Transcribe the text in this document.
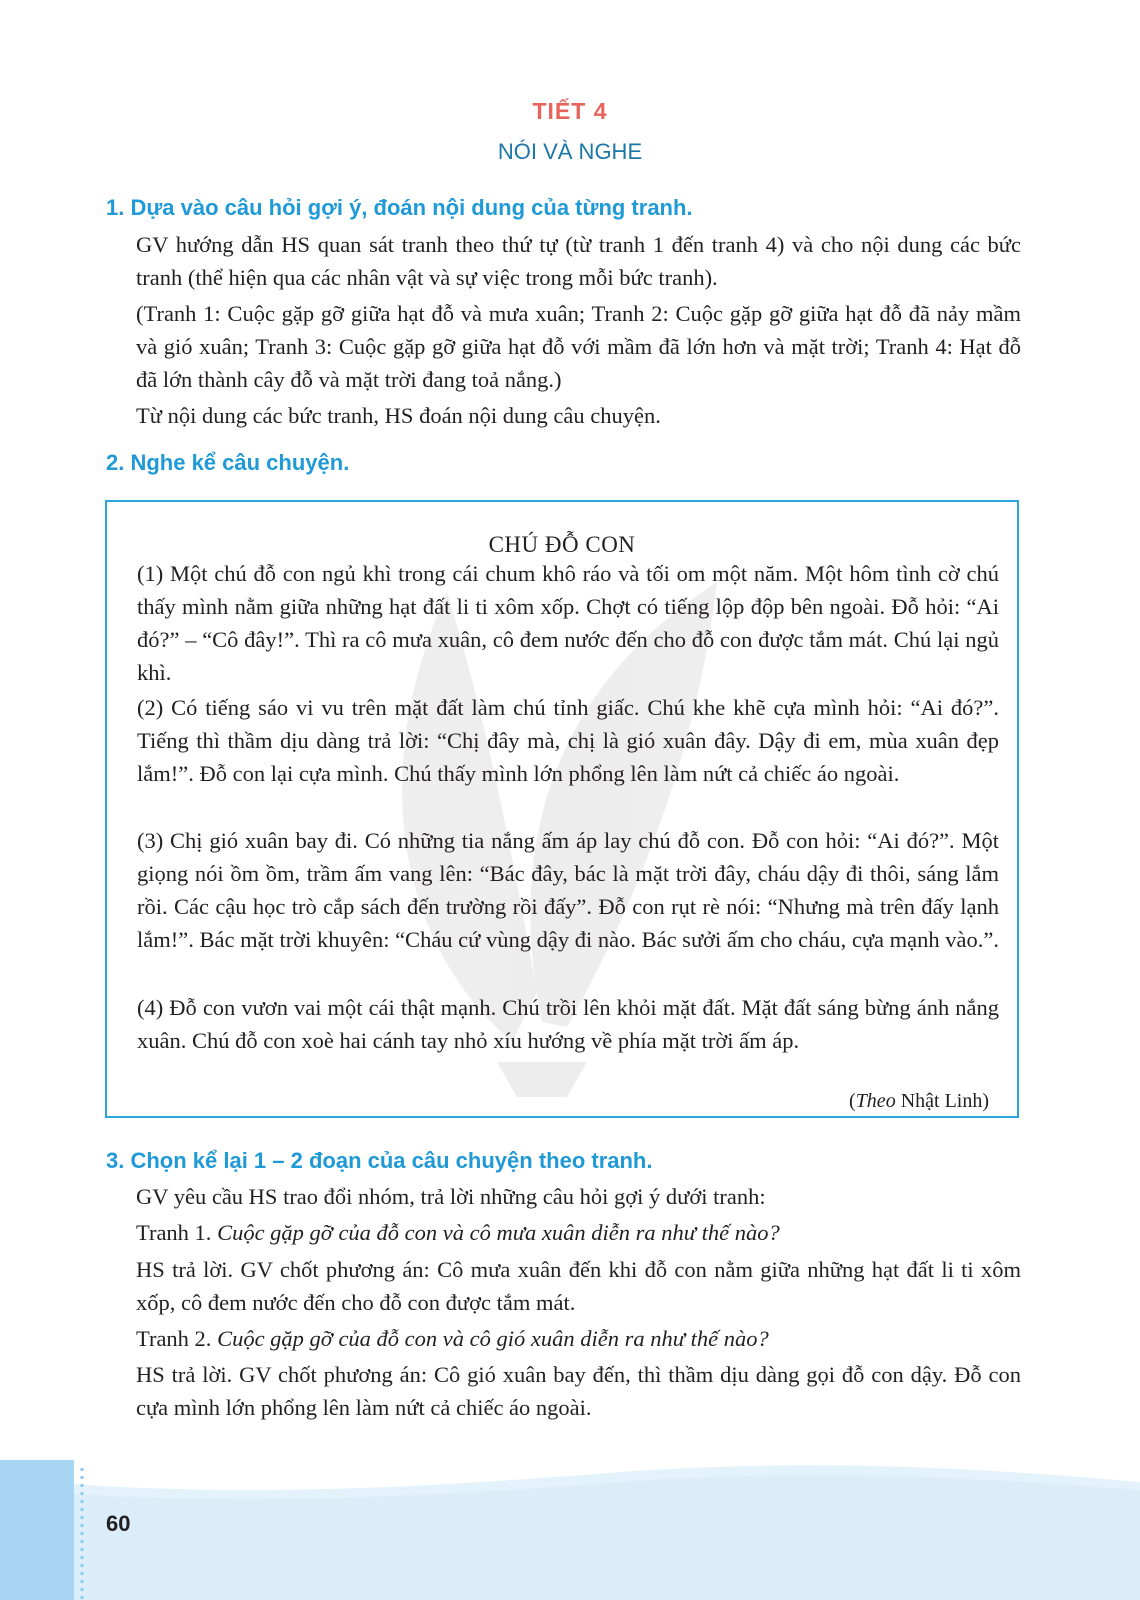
TIẾT 4
NÓI VÀ NGHE
1. Dựa vào câu hỏi gợi ý, đoán nội dung của từng tranh.
GV hướng dẫn HS quan sát tranh theo thứ tự (từ tranh 1 đến tranh 4) và cho nội dung các bức tranh (thể hiện qua các nhân vật và sự việc trong mỗi bức tranh).
(Tranh 1: Cuộc gặp gỡ giữa hạt đỗ và mưa xuân; Tranh 2: Cuộc gặp gỡ giữa hạt đỗ đã nảy mầm và gió xuân; Tranh 3: Cuộc gặp gỡ giữa hạt đỗ với mầm đã lớn hơn và mặt trời; Tranh 4: Hạt đỗ đã lớn thành cây đỗ và mặt trời đang toả nắng.)
Từ nội dung các bức tranh, HS đoán nội dung câu chuyện.
2. Nghe kể câu chuyện.
CHÚ ĐỖ CON
(1) Một chú đỗ con ngủ khì trong cái chum khô ráo và tối om một năm. Một hôm tình cờ chú thấy mình nằm giữa những hạt đất li ti xôm xốp. Chợt có tiếng lộp độp bên ngoài. Đỗ hỏi: “Ai đó?” – “Cô đây!”. Thì ra cô mưa xuân, cô đem nước đến cho đỗ con được tắm mát. Chú lại ngủ khì.
(2) Có tiếng sáo vi vu trên mặt đất làm chú tỉnh giấc. Chú khe khẽ cựa mình hỏi: “Ai đó?”. Tiếng thì thầm dịu dàng trả lời: “Chị đây mà, chị là gió xuân đây. Dậy đi em, mùa xuân đẹp lắm!”. Đỗ con lại cựa mình. Chú thấy mình lớn phổng lên làm nứt cả chiếc áo ngoài.
(3) Chị gió xuân bay đi. Có những tia nắng ấm áp lay chú đỗ con. Đỗ con hỏi: “Ai đó?”. Một giọng nói ồm ồm, trầm ấm vang lên: “Bác đây, bác là mặt trời đây, cháu dậy đi thôi, sáng lắm rồi. Các cậu học trò cắp sách đến trường rồi đấy”. Đỗ con rụt rè nói: “Nhưng mà trên đấy lạnh lắm!”. Bác mặt trời khuyên: “Cháu cứ vùng dậy đi nào. Bác sưởi ấm cho cháu, cựa mạnh vào.”.
(4) Đỗ con vươn vai một cái thật mạnh. Chú trồi lên khỏi mặt đất. Mặt đất sáng bừng ánh nắng xuân. Chú đỗ con xoè hai cánh tay nhỏ xíu hướng về phía mặt trời ấm áp.
(Theo Nhật Linh)
3. Chọn kể lại 1 – 2 đoạn của câu chuyện theo tranh.
GV yêu cầu HS trao đổi nhóm, trả lời những câu hỏi gợi ý dưới tranh:
Tranh 1. Cuộc gặp gỡ của đỗ con và cô mưa xuân diễn ra như thế nào?
HS trả lời. GV chốt phương án: Cô mưa xuân đến khi đỗ con nằm giữa những hạt đất li ti xôm xốp, cô đem nước đến cho đỗ con được tắm mát.
Tranh 2. Cuộc gặp gỡ của đỗ con và cô gió xuân diễn ra như thế nào?
HS trả lời. GV chốt phương án: Cô gió xuân bay đến, thì thầm dịu dàng gọi đỗ con dậy. Đỗ con cựa mình lớn phổng lên làm nứt cả chiếc áo ngoài.
60
